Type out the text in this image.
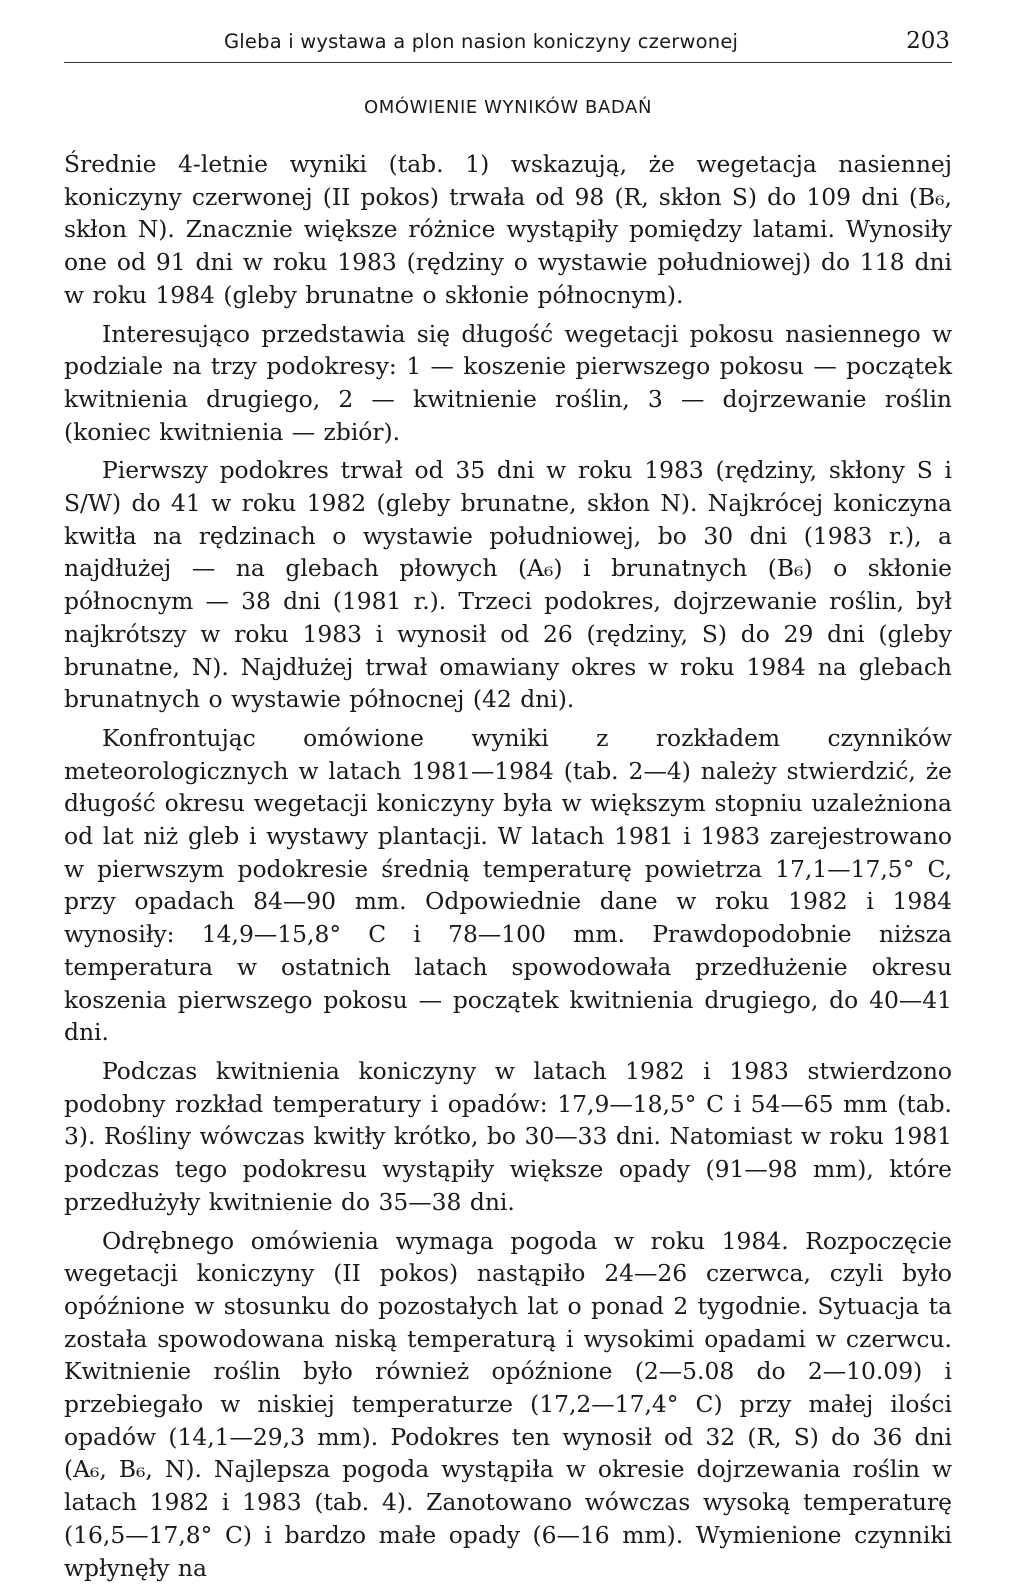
Gleba i wystawa a plon nasion koniczyny czerwonej	203
OMÓWIENIE WYNIKÓW BADAŃ

Średnie 4-letnie wyniki (tab. 1) wskazują, że wegetacja nasiennej koniczyny czerwonej (II pokos) trwała od 98 (R, skłon S) do 109 dni (B₆, skłon N). Znacznie większe różnice wystąpiły pomiędzy latami. Wynosiły one od 91 dni w roku 1983 (rędziny o wystawie południowej) do 118 dni w roku 1984 (gleby brunatne o skłonie północnym).

Interesująco przedstawia się długość wegetacji pokosu nasiennego w podziale na trzy podokresy: 1 — koszenie pierwszego pokosu — początek kwitnienia drugiego, 2 — kwitnienie roślin, 3 — dojrzewanie roślin (koniec kwitnienia — zbiór).

Pierwszy podokres trwał od 35 dni w roku 1983 (rędziny, skłony S i S/W) do 41 w roku 1982 (gleby brunatne, skłon N). Najkrócej koniczyna kwitła na rędzinach o wystawie południowej, bo 30 dni (1983 r.), a najdłużej — na glebach płowych (A₆) i brunatnych (B₆) o skłonie północnym — 38 dni (1981 r.). Trzeci podokres, dojrzewanie roślin, był najkrótszy w roku 1983 i wynosił od 26 (rędziny, S) do 29 dni (gleby brunatne, N). Najdłużej trwał omawiany okres w roku 1984 na glebach brunatnych o wystawie północnej (42 dni).

Konfrontując omówione wyniki z rozkładem czynników meteorologicznych w latach 1981—1984 (tab. 2—4) należy stwierdzić, że długość okresu wegetacji koniczyny była w większym stopniu uzależniona od lat niż gleb i wystawy plantacji. W latach 1981 i 1983 zarejestrowano w pierwszym podokresie średnią temperaturę powietrza 17,1—17,5° C, przy opadach 84—90 mm. Odpowiednie dane w roku 1982 i 1984 wynosiły: 14,9—15,8° C i 78—100 mm. Prawdopodobnie niższa temperatura w ostatnich latach spowodowała przedłużenie okresu koszenia pierwszego pokosu — początek kwitnienia drugiego, do 40—41 dni.

Podczas kwitnienia koniczyny w latach 1982 i 1983 stwierdzono podobny rozkład temperatury i opadów: 17,9—18,5° C i 54—65 mm (tab. 3). Rośliny wówczas kwitły krótko, bo 30—33 dni. Natomiast w roku 1981 podczas tego podokresu wystąpiły większe opady (91—98 mm), które przedłużyły kwitnienie do 35—38 dni.

Odrębnego omówienia wymaga pogoda w roku 1984. Rozpoczęcie wegetacji koniczyny (II pokos) nastąpiło 24—26 czerwca, czyli było opóźnione w stosunku do pozostałych lat o ponad 2 tygodnie. Sytuacja ta została spowodowana niską temperaturą i wysokimi opadami w czerwcu. Kwitnienie roślin było również opóźnione (2—5.08 do 2—10.09) i przebiegało w niskiej temperaturze (17,2—17,4° C) przy małej ilości opadów (14,1—29,3 mm). Podokres ten wynosił od 32 (R, S) do 36 dni (A₆, B₆, N). Najlepsza pogoda wystąpiła w okresie dojrzewania roślin w latach 1982 i 1983 (tab. 4). Zanotowano wówczas wysoką temperaturę (16,5—17,8° C) i bardzo małe opady (6—16 mm). Wymienione czynniki wpłynęły na
